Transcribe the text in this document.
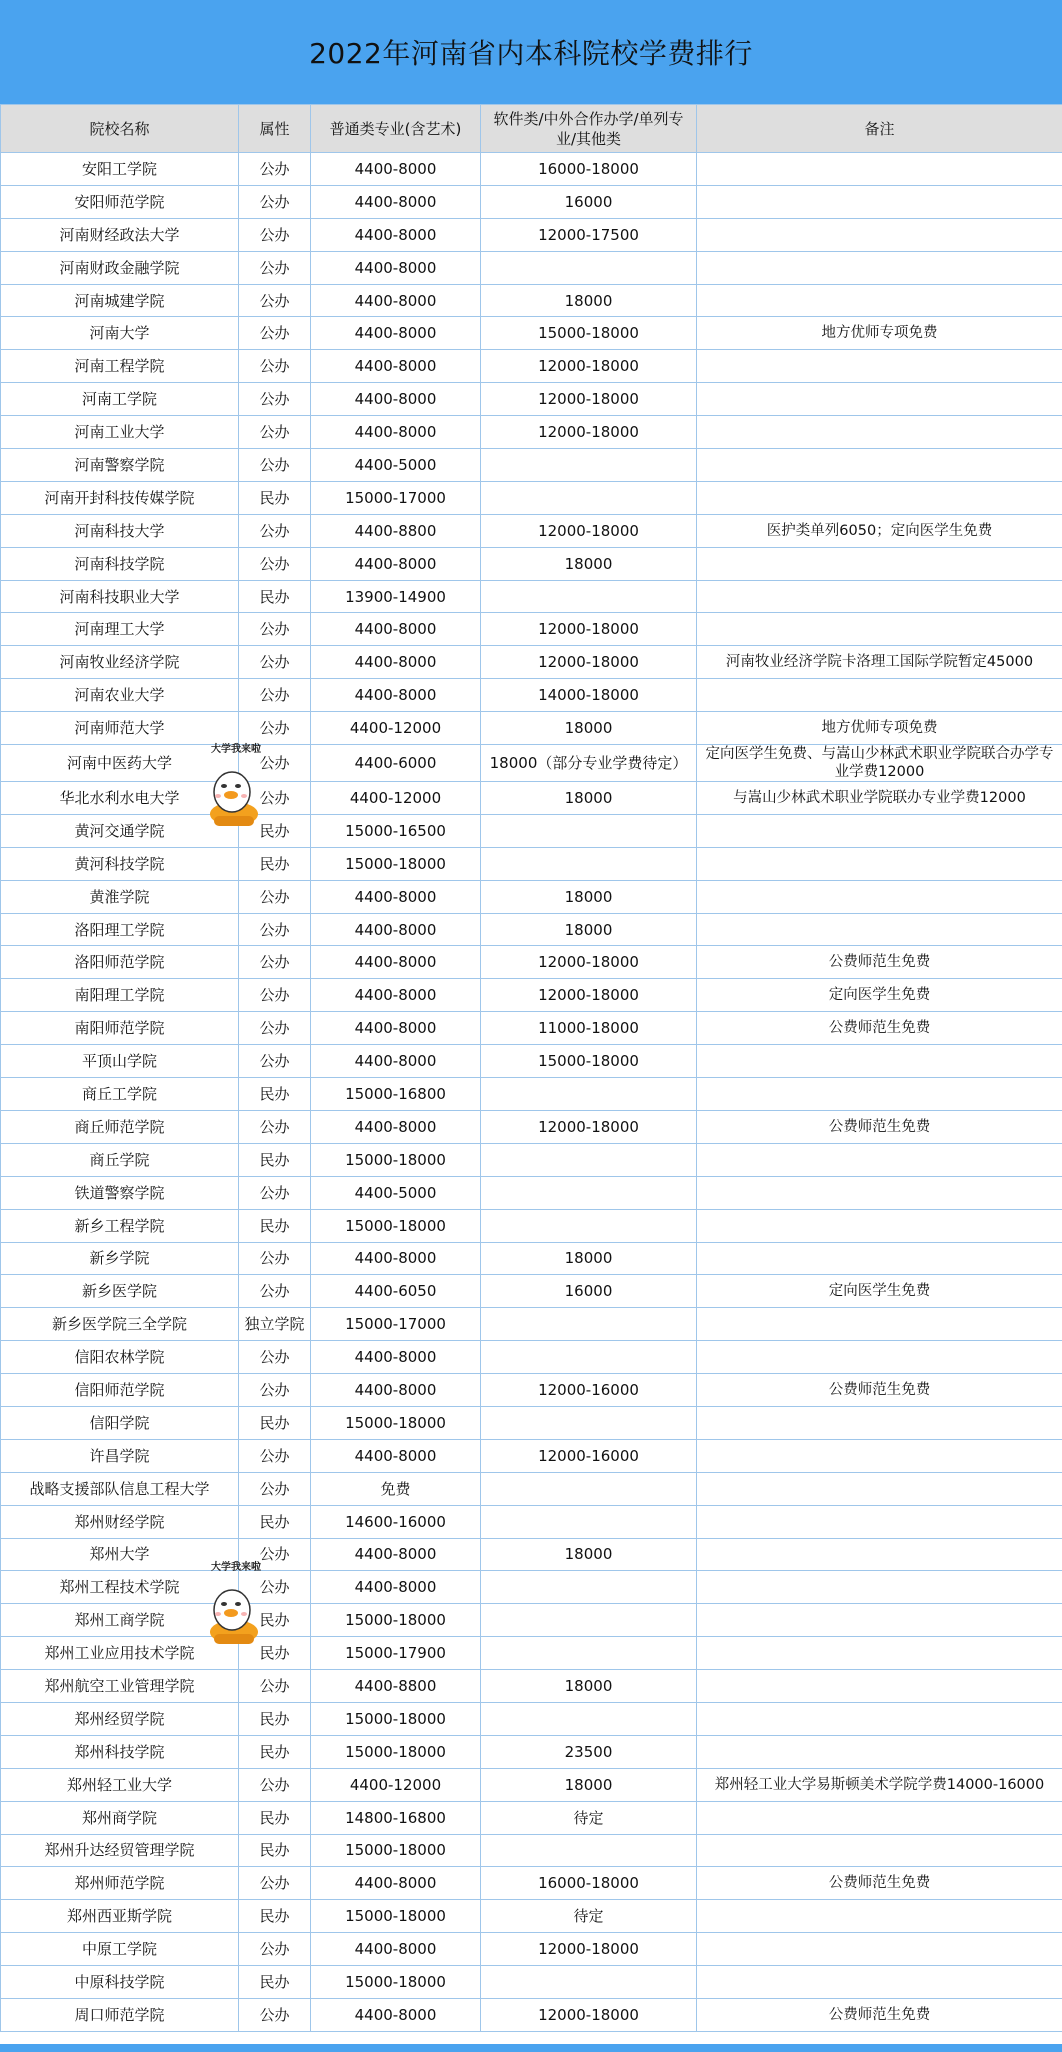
2022年河南省内本科院校学费排行
院校名称	属性	普通类专业(含艺术)	软件类/中外合作办学/单列专业/其他类	备注
安阳工学院	公办	4400-8000	16000-18000	
安阳师范学院	公办	4400-8000	16000	
河南财经政法大学	公办	4400-8000	12000-17500	
河南财政金融学院	公办	4400-8000		
河南城建学院	公办	4400-8000	18000	
河南大学	公办	4400-8000	15000-18000	地方优师专项免费
河南工程学院	公办	4400-8000	12000-18000	
河南工学院	公办	4400-8000	12000-18000	
河南工业大学	公办	4400-8000	12000-18000	
河南警察学院	公办	4400-5000		
河南开封科技传媒学院	民办	15000-17000		
河南科技大学	公办	4400-8800	12000-18000	医护类单列6050；定向医学生免费
河南科技学院	公办	4400-8000	18000	
河南科技职业大学	民办	13900-14900		
河南理工大学	公办	4400-8000	12000-18000	
河南牧业经济学院	公办	4400-8000	12000-18000	河南牧业经济学院卡洛理工国际学院暂定45000
河南农业大学	公办	4400-8000	14000-18000	
河南师范大学	公办	4400-12000	18000	地方优师专项免费
河南中医药大学	公办	4400-6000	18000（部分专业学费待定）	定向医学生免费、与嵩山少林武术职业学院联合办学专业学费12000
华北水利水电大学	公办	4400-12000	18000	与嵩山少林武术职业学院联办专业学费12000
黄河交通学院	民办	15000-16500		
黄河科技学院	民办	15000-18000		
黄淮学院	公办	4400-8000	18000	
洛阳理工学院	公办	4400-8000	18000	
洛阳师范学院	公办	4400-8000	12000-18000	公费师范生免费
南阳理工学院	公办	4400-8000	12000-18000	定向医学生免费
南阳师范学院	公办	4400-8000	11000-18000	公费师范生免费
平顶山学院	公办	4400-8000	15000-18000	
商丘工学院	民办	15000-16800		
商丘师范学院	公办	4400-8000	12000-18000	公费师范生免费
商丘学院	民办	15000-18000		
铁道警察学院	公办	4400-5000		
新乡工程学院	民办	15000-18000		
新乡学院	公办	4400-8000	18000	
新乡医学院	公办	4400-6050	16000	定向医学生免费
新乡医学院三全学院	独立学院	15000-17000		
信阳农林学院	公办	4400-8000		
信阳师范学院	公办	4400-8000	12000-16000	公费师范生免费
信阳学院	民办	15000-18000		
许昌学院	公办	4400-8000	12000-16000	
战略支援部队信息工程大学	公办	免费		
郑州财经学院	民办	14600-16000		
郑州大学	公办	4400-8000	18000	
郑州工程技术学院	公办	4400-8000		
郑州工商学院	民办	15000-18000		
郑州工业应用技术学院	民办	15000-17900		
郑州航空工业管理学院	公办	4400-8800	18000	
郑州经贸学院	民办	15000-18000		
郑州科技学院	民办	15000-18000	23500	
郑州轻工业大学	公办	4400-12000	18000	郑州轻工业大学易斯顿美术学院学费14000-16000
郑州商学院	民办	14800-16800	待定	
郑州升达经贸管理学院	民办	15000-18000		
郑州师范学院	公办	4400-8000	16000-18000	公费师范生免费
郑州西亚斯学院	民办	15000-18000	待定	
中原工学院	公办	4400-8000	12000-18000	
中原科技学院	民办	15000-18000		
周口师范学院	公办	4400-8000	12000-18000	公费师范生免费
大学我来啦
大学我来啦
